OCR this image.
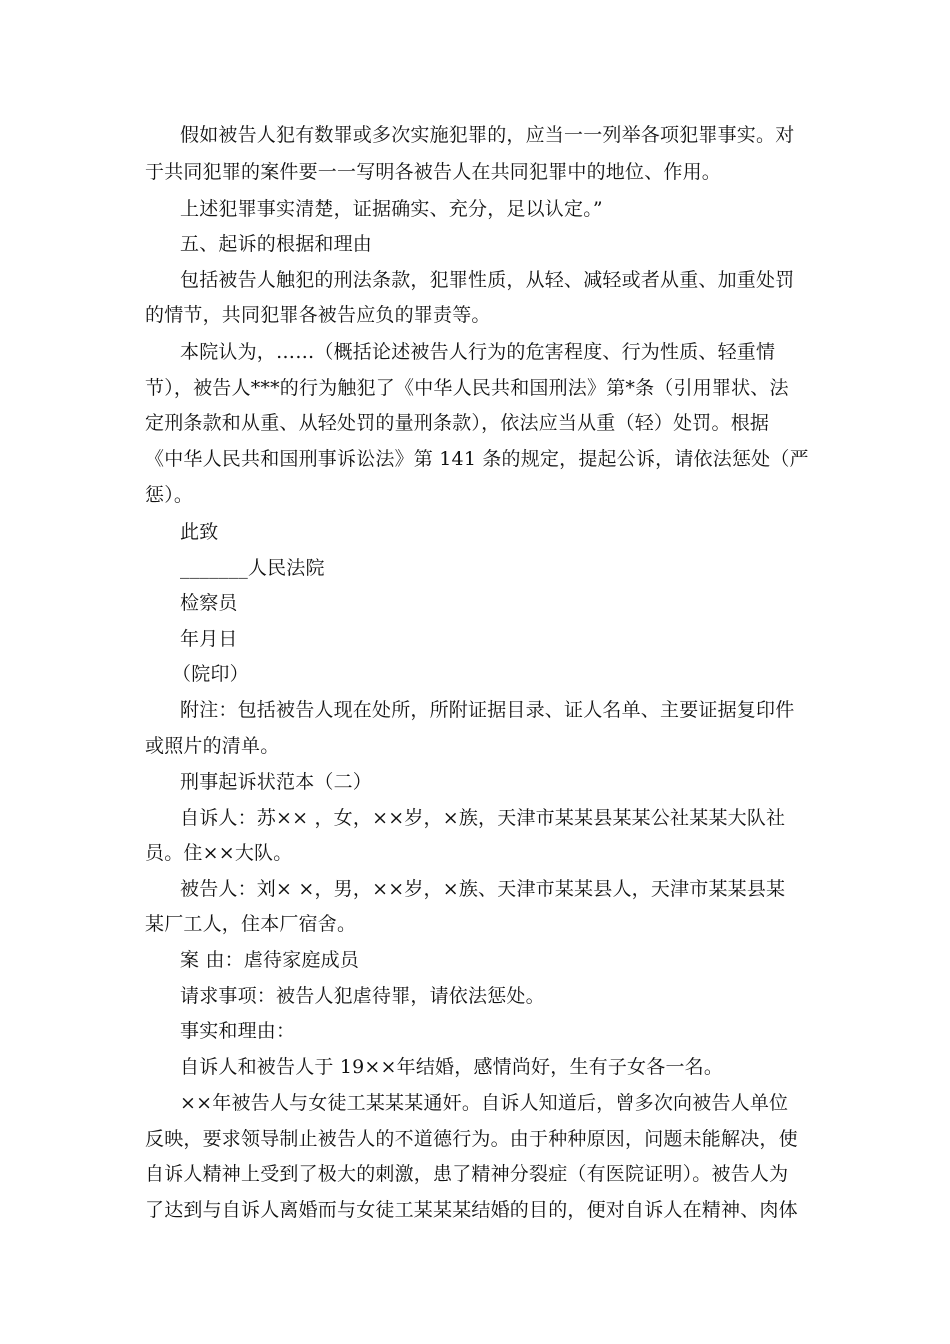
假如被告人犯有数罪或多次实施犯罪的，应当一一列举各项犯罪事实。对
于共同犯罪的案件要一一写明各被告人在共同犯罪中的地位、作用。
上述犯罪事实清楚，证据确实、充分，足以认定。”
五、起诉的根据和理由
包括被告人触犯的刑法条款，犯罪性质，从轻、减轻或者从重、加重处罚
的情节，共同犯罪各被告应负的罪责等。
本院认为，……（概括论述被告人行为的危害程度、行为性质、轻重情
节），被告人***的行为触犯了《中华人民共和国刑法》第*条（引用罪状、法
定刑条款和从重、从轻处罚的量刑条款），依法应当从重（轻）处罚。根据
《中华人民共和国刑事诉讼法》第 141 条的规定，提起公诉，请依法惩处（严
惩）。
此致
_______人民法院
检察员
年月日
（院印）
附注：包括被告人现在处所，所附证据目录、证人名单、主要证据复印件
或照片的清单。
刑事起诉状范本（二）
自诉人：苏×× ，女，××岁，×族，天津市某某县某某公社某某大队社
员。住××大队。
被告人：刘× ×，男，××岁，×族、天津市某某县人，天津市某某县某
某厂工人，住本厂宿舍。
案 由：虐待家庭成员
请求事项：被告人犯虐待罪，请依法惩处。
事实和理由：
自诉人和被告人于 19××年结婚，感情尚好，生有子女各一名。
××年被告人与女徒工某某某通奸。自诉人知道后，曾多次向被告人单位
反映，要求领导制止被告人的不道德行为。由于种种原因，问题未能解决，使
自诉人精神上受到了极大的刺激，患了精神分裂症（有医院证明）。被告人为
了达到与自诉人离婚而与女徒工某某某结婚的目的，便对自诉人在精神、肉体
